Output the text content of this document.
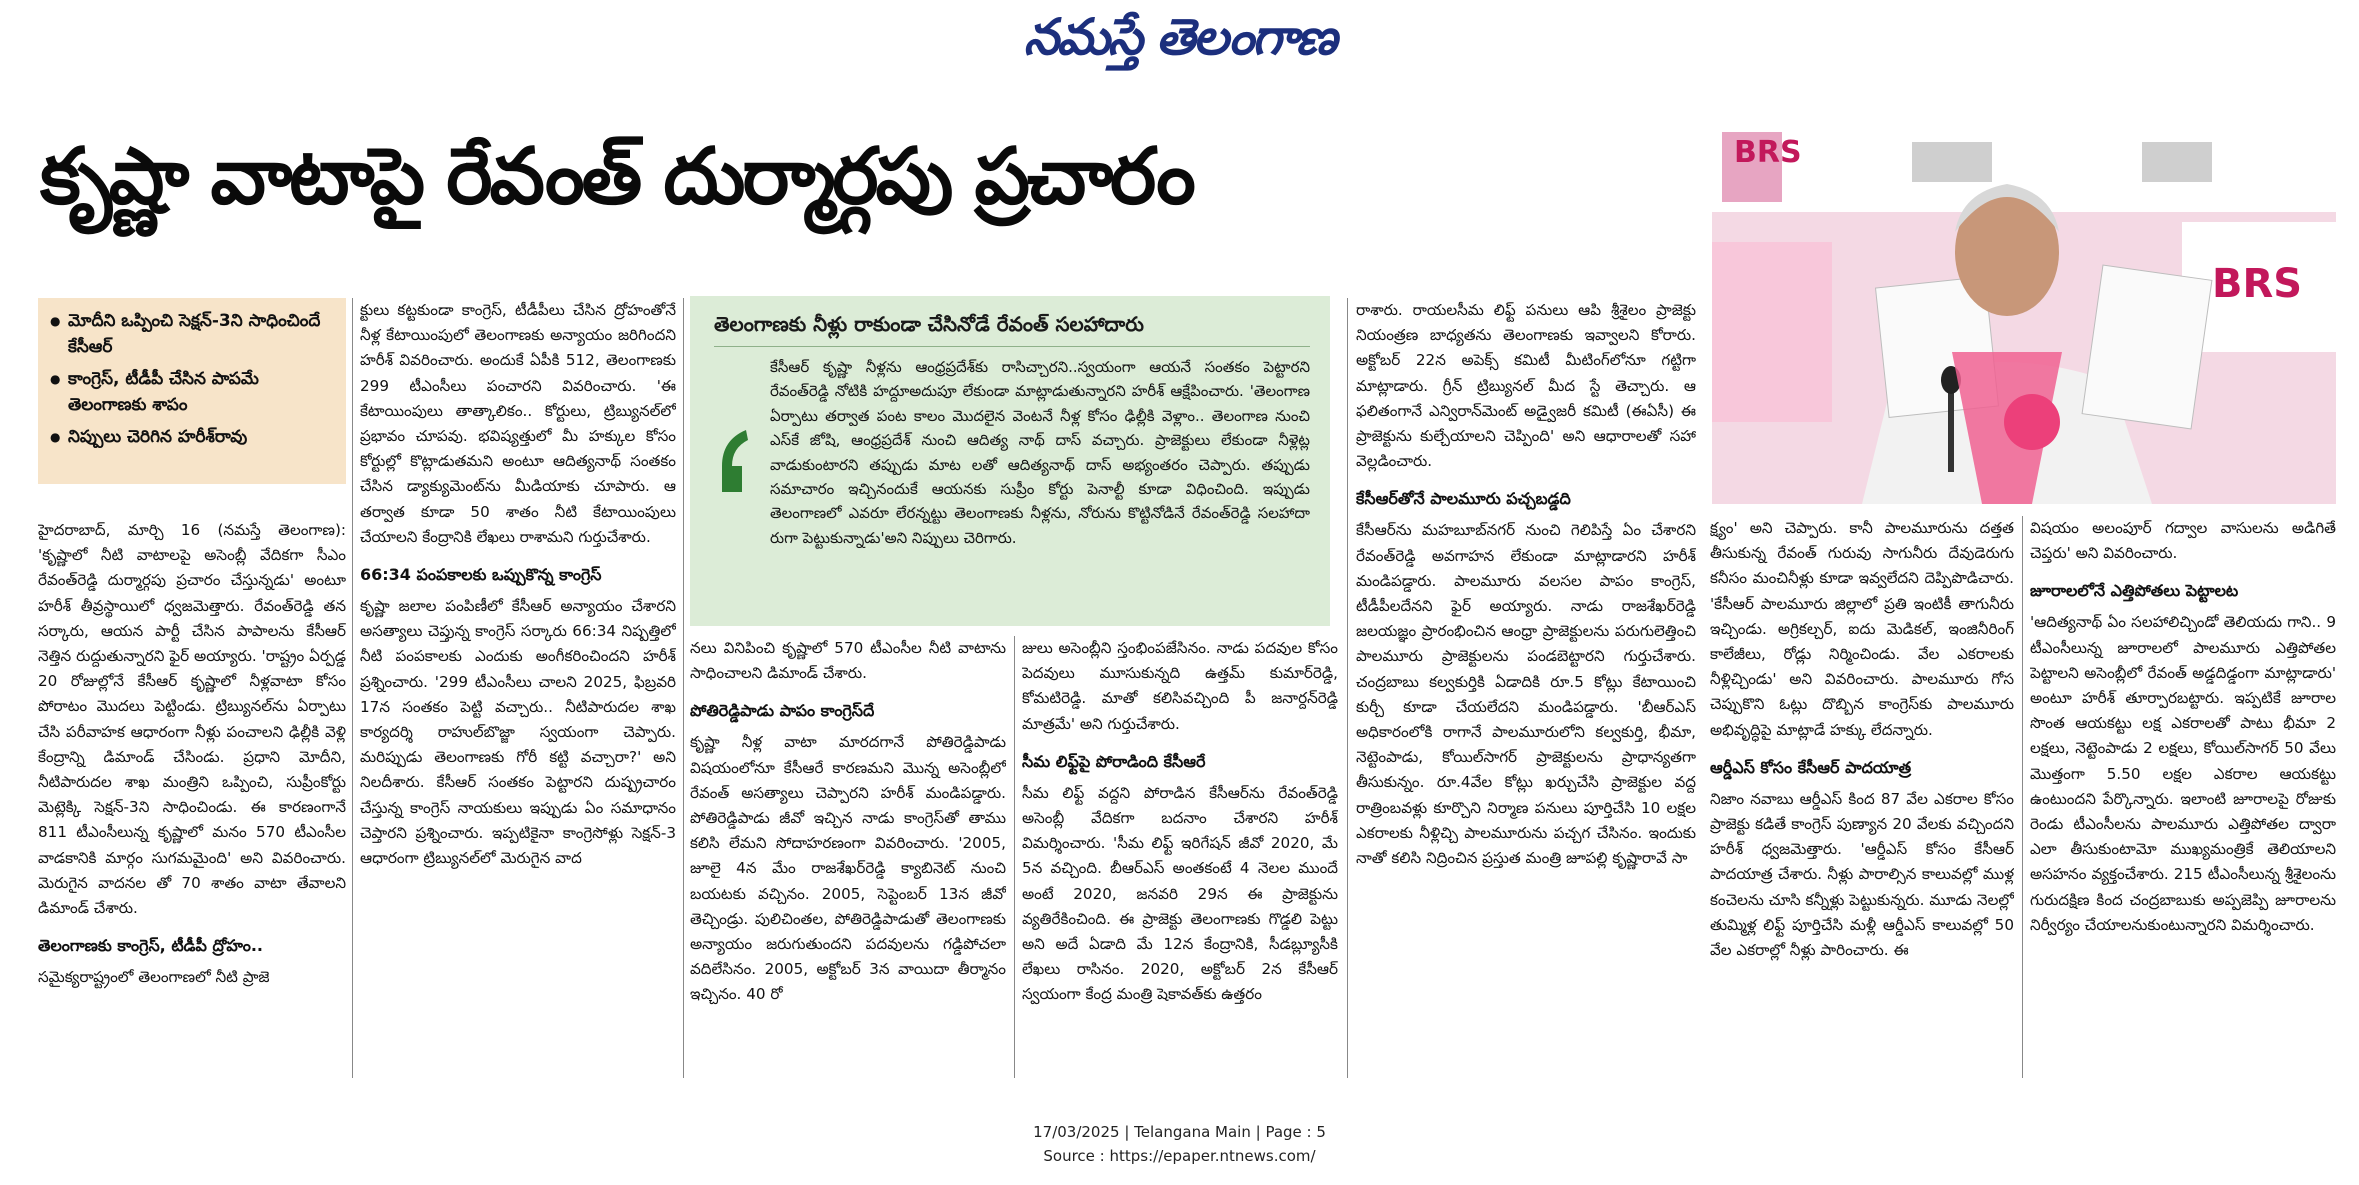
నమస్తే తెలంగాణ
కృష్ణా వాటాపై రేవంత్ దుర్మార్గపు ప్రచారం	BRS
BRS
● మోదీని ఒప్పించి సెక్షన్-3ని సాధించిందే కేసీఆర్
● కాంగ్రెస్, టీడీపీ చేసిన పాపమే తెలంగాణకు శాపం
● నిప్పులు చెరిగిన హరీశ్‌రావు

హైదరాబాద్, మార్చి 16 (నమస్తే తెలంగాణ): 'కృష్ణాలో నీటి వాటాలపై అసెంబ్లీ వేదికగా సీఎం రేవంత్‌రెడ్డి దుర్మార్గపు ప్రచారం చేస్తున్నడు' అంటూ హరీశ్ తీవ్రస్థాయిలో ధ్వజమెత్తారు. రేవంత్‌రెడ్డి తన సర్కారు, ఆయన పార్టీ చేసిన పాపాలను కేసీఆర్ నెత్తిన రుద్దుతున్నారని ఫైర్ అయ్యారు. 'రాష్ట్రం ఏర్పడ్డ 20 రోజుల్లోనే కేసీఆర్ కృష్ణాలో నీళ్లవాటా కోసం పోరాటం మొదలు పెట్టిండు. ట్రిబ్యునల్‌ను ఏర్పాటు చేసి పరీవాహక ఆధారంగా నీళ్లు పంచాలని ఢిల్లీకి వెళ్లి కేంద్రాన్ని డిమాండ్ చేసిండు. ప్రధాని మోదీని, నీటిపారుదల శాఖ మంత్రిని ఒప్పించి, సుప్రీంకోర్టు మెట్లెక్కి సెక్షన్-3ని సాధించిండు. ఈ కారణంగానే 811 టీఎంసీలున్న కృష్ణాలో మనం 570 టీఎంసీల వాడకానికి మార్గం సుగమమైంది' అని వివరించారు. మెరుగైన వాదనల తో 70 శాతం వాటా తేవాలని డిమాండ్ చేశారు.

తెలంగాణకు కాంగ్రెస్, టీడీపీ ద్రోహం..

సమైక్యరాష్ట్రంలో తెలంగాణలో నీటి ప్రాజె

క్టులు కట్టకుండా కాంగ్రెస్, టీడీపీలు చేసిన ద్రోహంతోనే నీళ్ల కేటాయింపులో తెలంగాణకు అన్యాయం జరిగిందని హరీశ్ వివరించారు. అందుకే ఏపీకి 512, తెలంగాణకు 299 టీఎంసీలు పంచారని వివరించారు. 'ఈ కేటాయింపులు తాత్కాలికం.. కోర్టులు, ట్రిబ్యునల్‌లో ప్రభావం చూపవు. భవిష్యత్తులో మీ హక్కుల కోసం కోర్టుల్లో కొట్లాడుతమని అంటూ ఆదిత్యనాథ్ సంతకం చేసిన డ్యాక్యుమెంట్‌ను మీడియాకు చూపారు. ఆ తర్వాత కూడా 50 శాతం నీటి కేటాయింపులు చేయాలని కేంద్రానికి లేఖలు రాశామని గుర్తుచేశారు.

66:34 పంపకాలకు ఒప్పుకొన్న కాంగ్రెస్

కృష్ణా జలాల పంపిణీలో కేసీఆర్ అన్యాయం చేశారని అసత్యాలు చెప్తున్న కాంగ్రెస్ సర్కారు 66:34 నిష్పత్తిలో నీటి పంపకాలకు ఎందుకు అంగీకరించిందని హరీశ్ ప్రశ్నించారు. '299 టీఎంసీలు చాలని 2025, ఫిబ్రవరి 17న సంతకం పెట్టి వచ్చారు.. నీటిపారుదల శాఖ కార్యదర్శి రాహుల్‌బొజ్జా స్వయంగా చెప్పారు. మరిప్పుడు తెలంగాణకు గోరీ కట్టి వచ్చారా?' అని నిలదీశారు. కేసీఆర్ సంతకం పెట్టారని దుష్ప్రచారం చేస్తున్న కాంగ్రెస్ నాయకులు ఇప్పుడు ఏం సమాధానం చెప్తారని ప్రశ్నించారు. ఇప్పటికైనా కాంగ్రెసోళ్లు సెక్షన్-3 ఆధారంగా ట్రిబ్యునల్‌లో మెరుగైన వాద

తెలంగాణకు నీళ్లు రాకుండా చేసినోడే రేవంత్ సలహాదారు
కేసీఆర్ కృష్ణా నీళ్లను ఆంధ్రప్రదేశ్‌కు రాసిచ్చారని..స్వయంగా ఆయనే సంతకం పెట్టారని రేవంత్‌రెడ్డి నోటికి హద్దూఅదుపూ లేకుండా మాట్లాడుతున్నారని హరీశ్ ఆక్షేపించారు. 'తెలంగాణ ఏర్పాటు తర్వాత పంట కాలం మొదలైన వెంటనే నీళ్ల కోసం ఢిల్లీకి వెళ్లాం.. తెలంగాణ నుంచి ఎస్‌కే జోషి, ఆంధ్రప్రదేశ్ నుంచి ఆదిత్య నాథ్ దాస్ వచ్చారు. ప్రాజెక్టులు లేకుండా నీళ్లెట్ల వాడుకుంటారని తప్పుడు మాట లతో ఆదిత్యనాథ్ దాస్ అభ్యంతరం చెప్పారు. తప్పుడు సమాచారం ఇచ్చినందుకే ఆయనకు సుప్రీం కోర్టు పెనాల్టీ కూడా విధించింది. ఇప్పుడు తెలంగాణలో ఎవరూ లేరన్నట్టు తెలంగాణకు నీళ్లను, నోరును కొట్టినోడినే రేవంత్‌రెడ్డి సలహాదా రుగా పెట్టుకున్నాడు'అని నిప్పులు చెరిగారు.

నలు వినిపించి కృష్ణాలో 570 టీఎంసీల నీటి వాటాను సాధించాలని డిమాండ్ చేశారు.

పోతిరెడ్డిపాడు పాపం కాంగ్రెస్‌దే

కృష్ణా నీళ్ల వాటా మారదగానే పోతిరెడ్డిపాడు విషయంలోనూ కేసీఆరే కారణమని మొన్న అసెంబ్లీలో రేవంత్ అసత్యాలు చెప్పారని హరీశ్ మండిపడ్డారు. పోతిరెడ్డిపాడు జీవో ఇచ్చిన నాడు కాంగ్రెస్‌తో తాము కలిసి లేమని సోదాహరణంగా వివరించారు. '2005, జూలై 4న మేం రాజశేఖర్‌రెడ్డి క్యాబినెట్ నుంచి బయటకు వచ్చినం. 2005, సెప్టెంబర్ 13న జీవో తెచ్చిండ్రు. పులిచింతల, పోతిరెడ్డిపాడుతో తెలంగాణకు అన్యాయం జరుగుతుందని పదవులను గడ్డిపోచలా వదిలేసినం. 2005, అక్టోబర్ 3న వాయిదా తీర్మానం ఇచ్చినం. 40 రో

జులు అసెంబ్లీని స్తంభింపజేసినం. నాడు పదవుల కోసం పెదవులు మూసుకున్నది ఉత్తమ్ కుమార్‌రెడ్డి, కోమటిరెడ్డి. మాతో కలిసివచ్చింది పీ జనార్దన్‌రెడ్డి మాత్రమే' అని గుర్తుచేశారు.

సీమ లిఫ్ట్‌పై పోరాడింది కేసీఆరే

సీమ లిఫ్ట్ వద్దని పోరాడిన కేసీఆర్‌ను రేవంత్‌రెడ్డి అసెంబ్లీ వేదికగా బదనాం చేశారని హరీశ్ విమర్శించారు. 'సీమ లిఫ్ట్ ఇరిగేషన్ జీవో 2020, మే 5న వచ్చింది. బీఆర్‌ఎస్ అంతకంటే 4 నెలల ముందే అంటే 2020, జనవరి 29న ఈ ప్రాజెక్టును వ్యతిరేకించింది. ఈ ప్రాజెక్టు తెలంగాణకు గొడ్డలి పెట్టు అని అదే ఏడాది మే 12న కేంద్రానికి, సీడబ్ల్యూసీకి లేఖలు రాసినం. 2020, అక్టోబర్ 2న కేసీఆర్ స్వయంగా కేంద్ర మంత్రి షెకావత్‌కు ఉత్తరం

రాశారు. రాయలసీమ లిఫ్ట్ పనులు ఆపి శ్రీశైలం ప్రాజెక్టు నియంత్రణ బాధ్యతను తెలంగాణకు ఇవ్వాలని కోరారు. అక్టోబర్ 22న అపెక్స్ కమిటీ మీటింగ్‌లోనూ గట్టిగా మాట్లాడారు. గ్రీన్ ట్రిబ్యునల్ మీద స్టే తెచ్చారు. ఆ ఫలితంగానే ఎన్విరాన్‌మెంట్ అడ్వైజరీ కమిటీ (ఈఏసీ) ఈ ప్రాజెక్టును కుల్చేయాలని చెప్పింది' అని ఆధారాలతో సహా వెల్లడించారు.

కేసీఆర్‌తోనే పాలమూరు పచ్చబడ్డది

కేసీఆర్‌ను మహబూబ్‌నగర్ నుంచి గెలిపిస్తే ఏం చేశారని రేవంత్‌రెడ్డి అవగాహన లేకుండా మాట్లాడారని హరీశ్ మండిపడ్డారు. పాలమూరు వలసల పాపం కాంగ్రెస్, టీడీపీలదేనని ఫైర్ అయ్యారు. నాడు రాజశేఖర్‌రెడ్డి జలయజ్ఞం ప్రారంభించిన ఆంధ్రా ప్రాజెక్టులను పరుగులెత్తించి పాలమూరు ప్రాజెక్టులను పండబెట్టారని గుర్తుచేశారు. చంద్రబాబు కల్వకుర్తికి ఏడాదికి రూ.5 కోట్లు కేటాయించి కుర్చీ కూడా చేయలేదని మండిపడ్డారు. 'బీఆర్‌ఎస్ అధికారంలోకి రాగానే పాలమూరులోని కల్వకుర్తి, భీమా, నెట్టెంపాడు, కోయిల్‌సాగర్ ప్రాజెక్టులను ప్రాధాన్యతగా తీసుకున్నం. రూ.4వేల కోట్లు ఖర్చుచేసి ప్రాజెక్టుల వద్ద రాత్రింబవళ్లు కూర్చొని నిర్మాణ పనులు పూర్తిచేసి 10 లక్షల ఎకరాలకు నీళ్లిచ్చి పాలమూరును పచ్చగ చేసినం. ఇందుకు నాతో కలిసి నిద్రించిన ప్రస్తుత మంత్రి జూపల్లి కృష్ణారావే సా

క్ష్యం' అని చెప్పారు. కానీ పాలమూరును దత్తత తీసుకున్న రేవంత్ గురువు సాగునీరు దేవుడెరుగు కనీసం మంచినీళ్లు కూడా ఇవ్వలేదని దెప్పిపొడిచారు. 'కేసీఆర్ పాలమూరు జిల్లాలో ప్రతి ఇంటికీ తాగునీరు ఇచ్చిండు. అగ్రికల్చర్, ఐదు మెడికల్, ఇంజినీరింగ్ కాలేజీలు, రోడ్లు నిర్మించిండు. వేల ఎకరాలకు నీళ్లిచ్చిండు' అని వివరించారు. పాలమూరు గోస చెప్పుకొని ఓట్లు దొబ్బిన కాంగ్రెస్‌కు పాలమూరు అభివృద్ధిపై మాట్లాడే హక్కు లేదన్నారు.

ఆర్డీఎస్ కోసం కేసీఆర్ పాదయాత్ర

నిజాం నవాబు ఆర్డీఎస్ కింద 87 వేల ఎకరాల కోసం ప్రాజెక్టు కడితే కాంగ్రెస్ పుణ్యాన 20 వేలకు వచ్చిందని హరీశ్ ధ్వజమెత్తారు. 'ఆర్డీఎస్ కోసం కేసీఆర్ పాదయాత్ర చేశారు. నీళ్లు పారాల్సిన కాలువల్లో ముళ్ల కంచెలను చూసి కన్నీళ్లు పెట్టుకున్నరు. మూడు నెలల్లో తుమ్మిళ్ల లిఫ్ట్ పూర్తిచేసి మళ్లీ ఆర్డీఎస్ కాలువల్లో 50 వేల ఎకరాల్లో నీళ్లు పారించారు. ఈ

విషయం అలంపూర్ గద్వాల వాసులను అడిగితే చెప్తరు' అని వివరించారు.

జూరాలలోనే ఎత్తిపోతలు పెట్టాలట

'ఆదిత్యనాథ్ ఏం సలహాలిచ్చిండో తెలియదు గాని.. 9 టీఎంసీలున్న జూరాలలో పాలమూరు ఎత్తిపోతల పెట్టాలని అసెంబ్లీలో రేవంత్ అడ్డదిడ్డంగా మాట్లాడారు' అంటూ హరీశ్ తూర్పారబట్టారు. ఇప్పటికే జూరాల సొంత ఆయకట్టు లక్ష ఎకరాలతో పాటు భీమా 2 లక్షలు, నెట్టెంపాడు 2 లక్షలు, కోయిల్‌సాగర్ 50 వేలు మొత్తంగా 5.50 లక్షల ఎకరాల ఆయకట్టు ఉంటుందని పేర్కొన్నారు. ఇలాంటి జూరాలపై రోజుకు రెండు టీఎంసీలను పాలమూరు ఎత్తిపోతల ద్వారా ఎలా తీసుకుంటామో ముఖ్యమంత్రికే తెలియాలని అసహనం వ్యక్తంచేశారు. 215 టీఎంసీలున్న శ్రీశైలంను గురుదక్షిణ కింద చంద్రబాబుకు అప్పజెప్పి జూరాలను నిర్వీర్యం చేయాలనుకుంటున్నారని విమర్శించారు.

17/03/2025 | Telangana Main | Page : 5
Source : https://epaper.ntnews.com/
